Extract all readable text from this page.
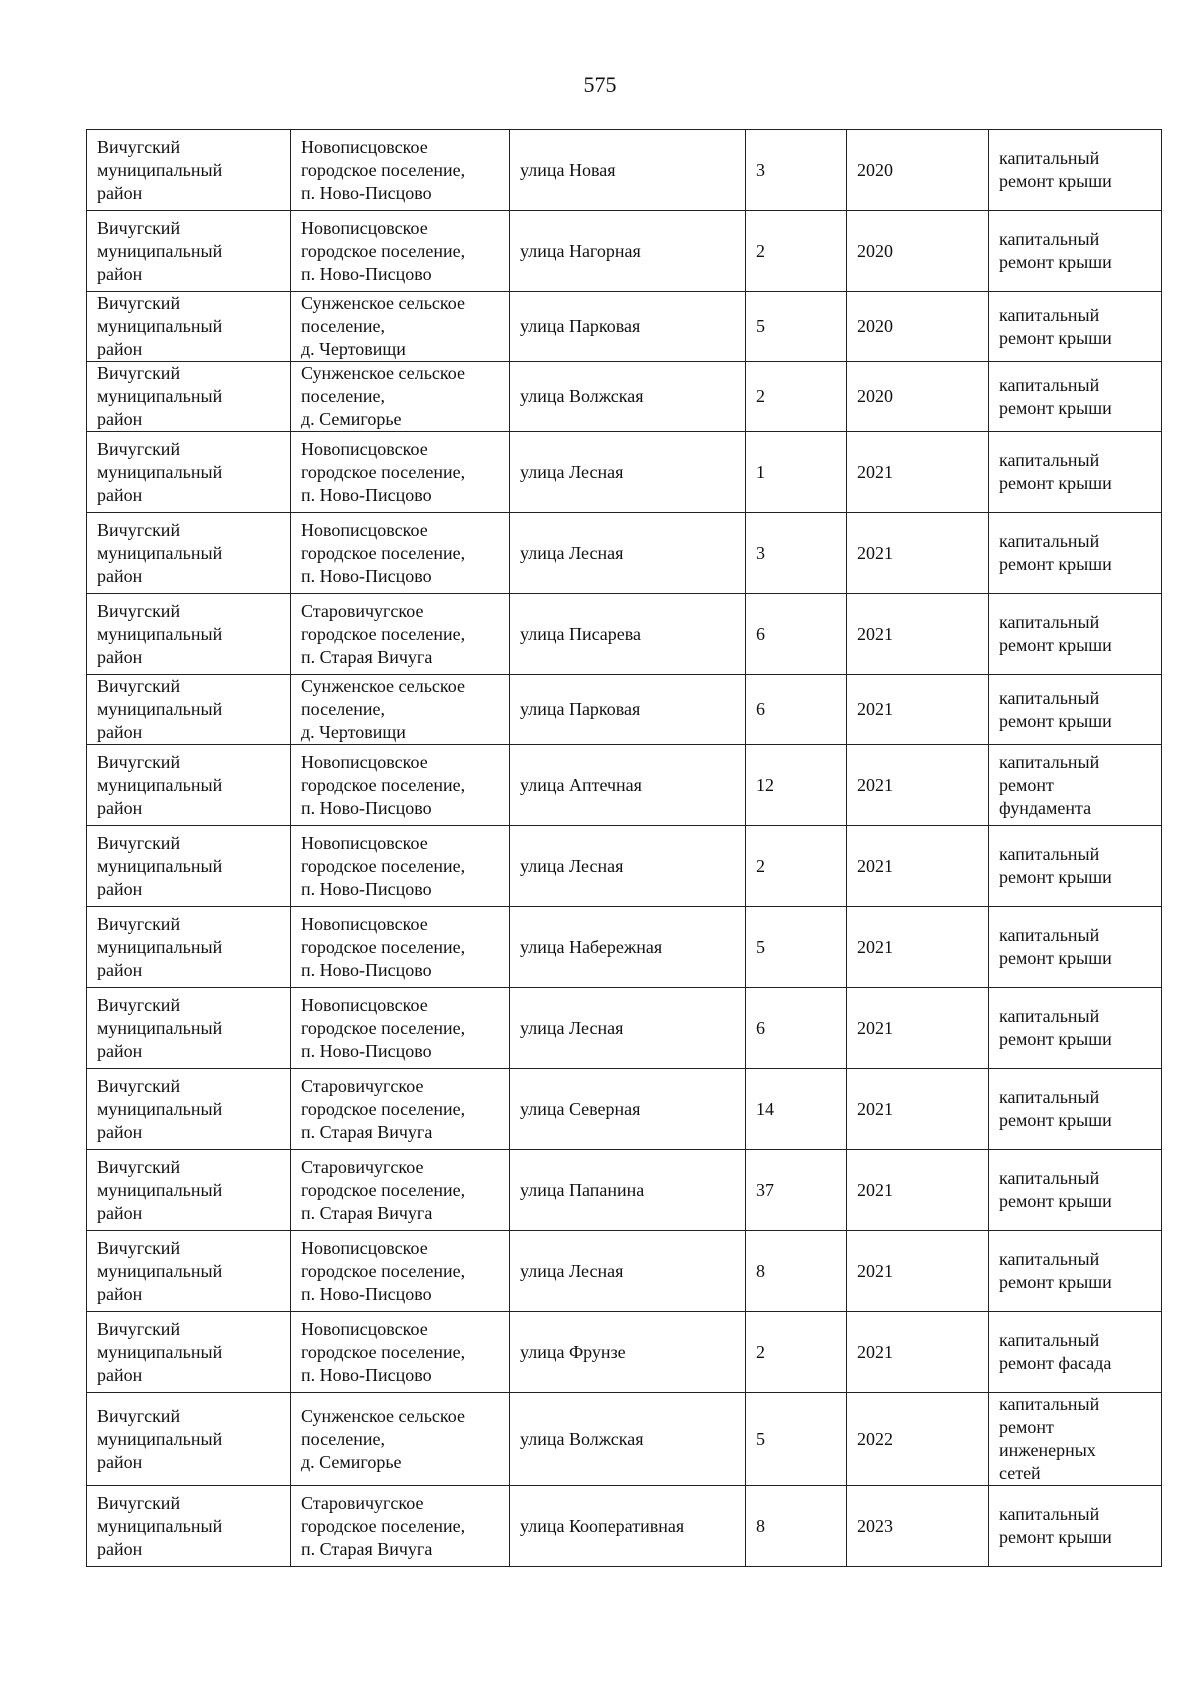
575
Вичугский
муниципальный
район	Новописцовское
городское поселение,
п. Ново-Писцово	улица Новая	3	2020	капитальный
ремонт крыши
Вичугский
муниципальный
район	Новописцовское
городское поселение,
п. Ново-Писцово	улица Нагорная	2	2020	капитальный
ремонт крыши
Вичугский
муниципальный
район	Сунженское сельское
поселение,
д. Чертовищи	улица Парковая	5	2020	капитальный
ремонт крыши
Вичугский
муниципальный
район	Сунженское сельское
поселение,
д. Семигорье	улица Волжская	2	2020	капитальный
ремонт крыши
Вичугский
муниципальный
район	Новописцовское
городское поселение,
п. Ново-Писцово	улица Лесная	1	2021	капитальный
ремонт крыши
Вичугский
муниципальный
район	Новописцовское
городское поселение,
п. Ново-Писцово	улица Лесная	3	2021	капитальный
ремонт крыши
Вичугский
муниципальный
район	Старовичугское
городское поселение,
п. Старая Вичуга	улица Писарева	6	2021	капитальный
ремонт крыши
Вичугский
муниципальный
район	Сунженское сельское
поселение,
д. Чертовищи	улица Парковая	6	2021	капитальный
ремонт крыши
Вичугский
муниципальный
район	Новописцовское
городское поселение,
п. Ново-Писцово	улица Аптечная	12	2021	капитальный
ремонт
фундамента
Вичугский
муниципальный
район	Новописцовское
городское поселение,
п. Ново-Писцово	улица Лесная	2	2021	капитальный
ремонт крыши
Вичугский
муниципальный
район	Новописцовское
городское поселение,
п. Ново-Писцово	улица Набережная	5	2021	капитальный
ремонт крыши
Вичугский
муниципальный
район	Новописцовское
городское поселение,
п. Ново-Писцово	улица Лесная	6	2021	капитальный
ремонт крыши
Вичугский
муниципальный
район	Старовичугское
городское поселение,
п. Старая Вичуга	улица Северная	14	2021	капитальный
ремонт крыши
Вичугский
муниципальный
район	Старовичугское
городское поселение,
п. Старая Вичуга	улица Папанина	37	2021	капитальный
ремонт крыши
Вичугский
муниципальный
район	Новописцовское
городское поселение,
п. Ново-Писцово	улица Лесная	8	2021	капитальный
ремонт крыши
Вичугский
муниципальный
район	Новописцовское
городское поселение,
п. Ново-Писцово	улица Фрунзе	2	2021	капитальный
ремонт фасада
Вичугский
муниципальный
район	Сунженское сельское
поселение,
д. Семигорье	улица Волжская	5	2022	капитальный
ремонт
инженерных
сетей
Вичугский
муниципальный
район	Старовичугское
городское поселение,
п. Старая Вичуга	улица Кооперативная	8	2023	капитальный
ремонт крыши
